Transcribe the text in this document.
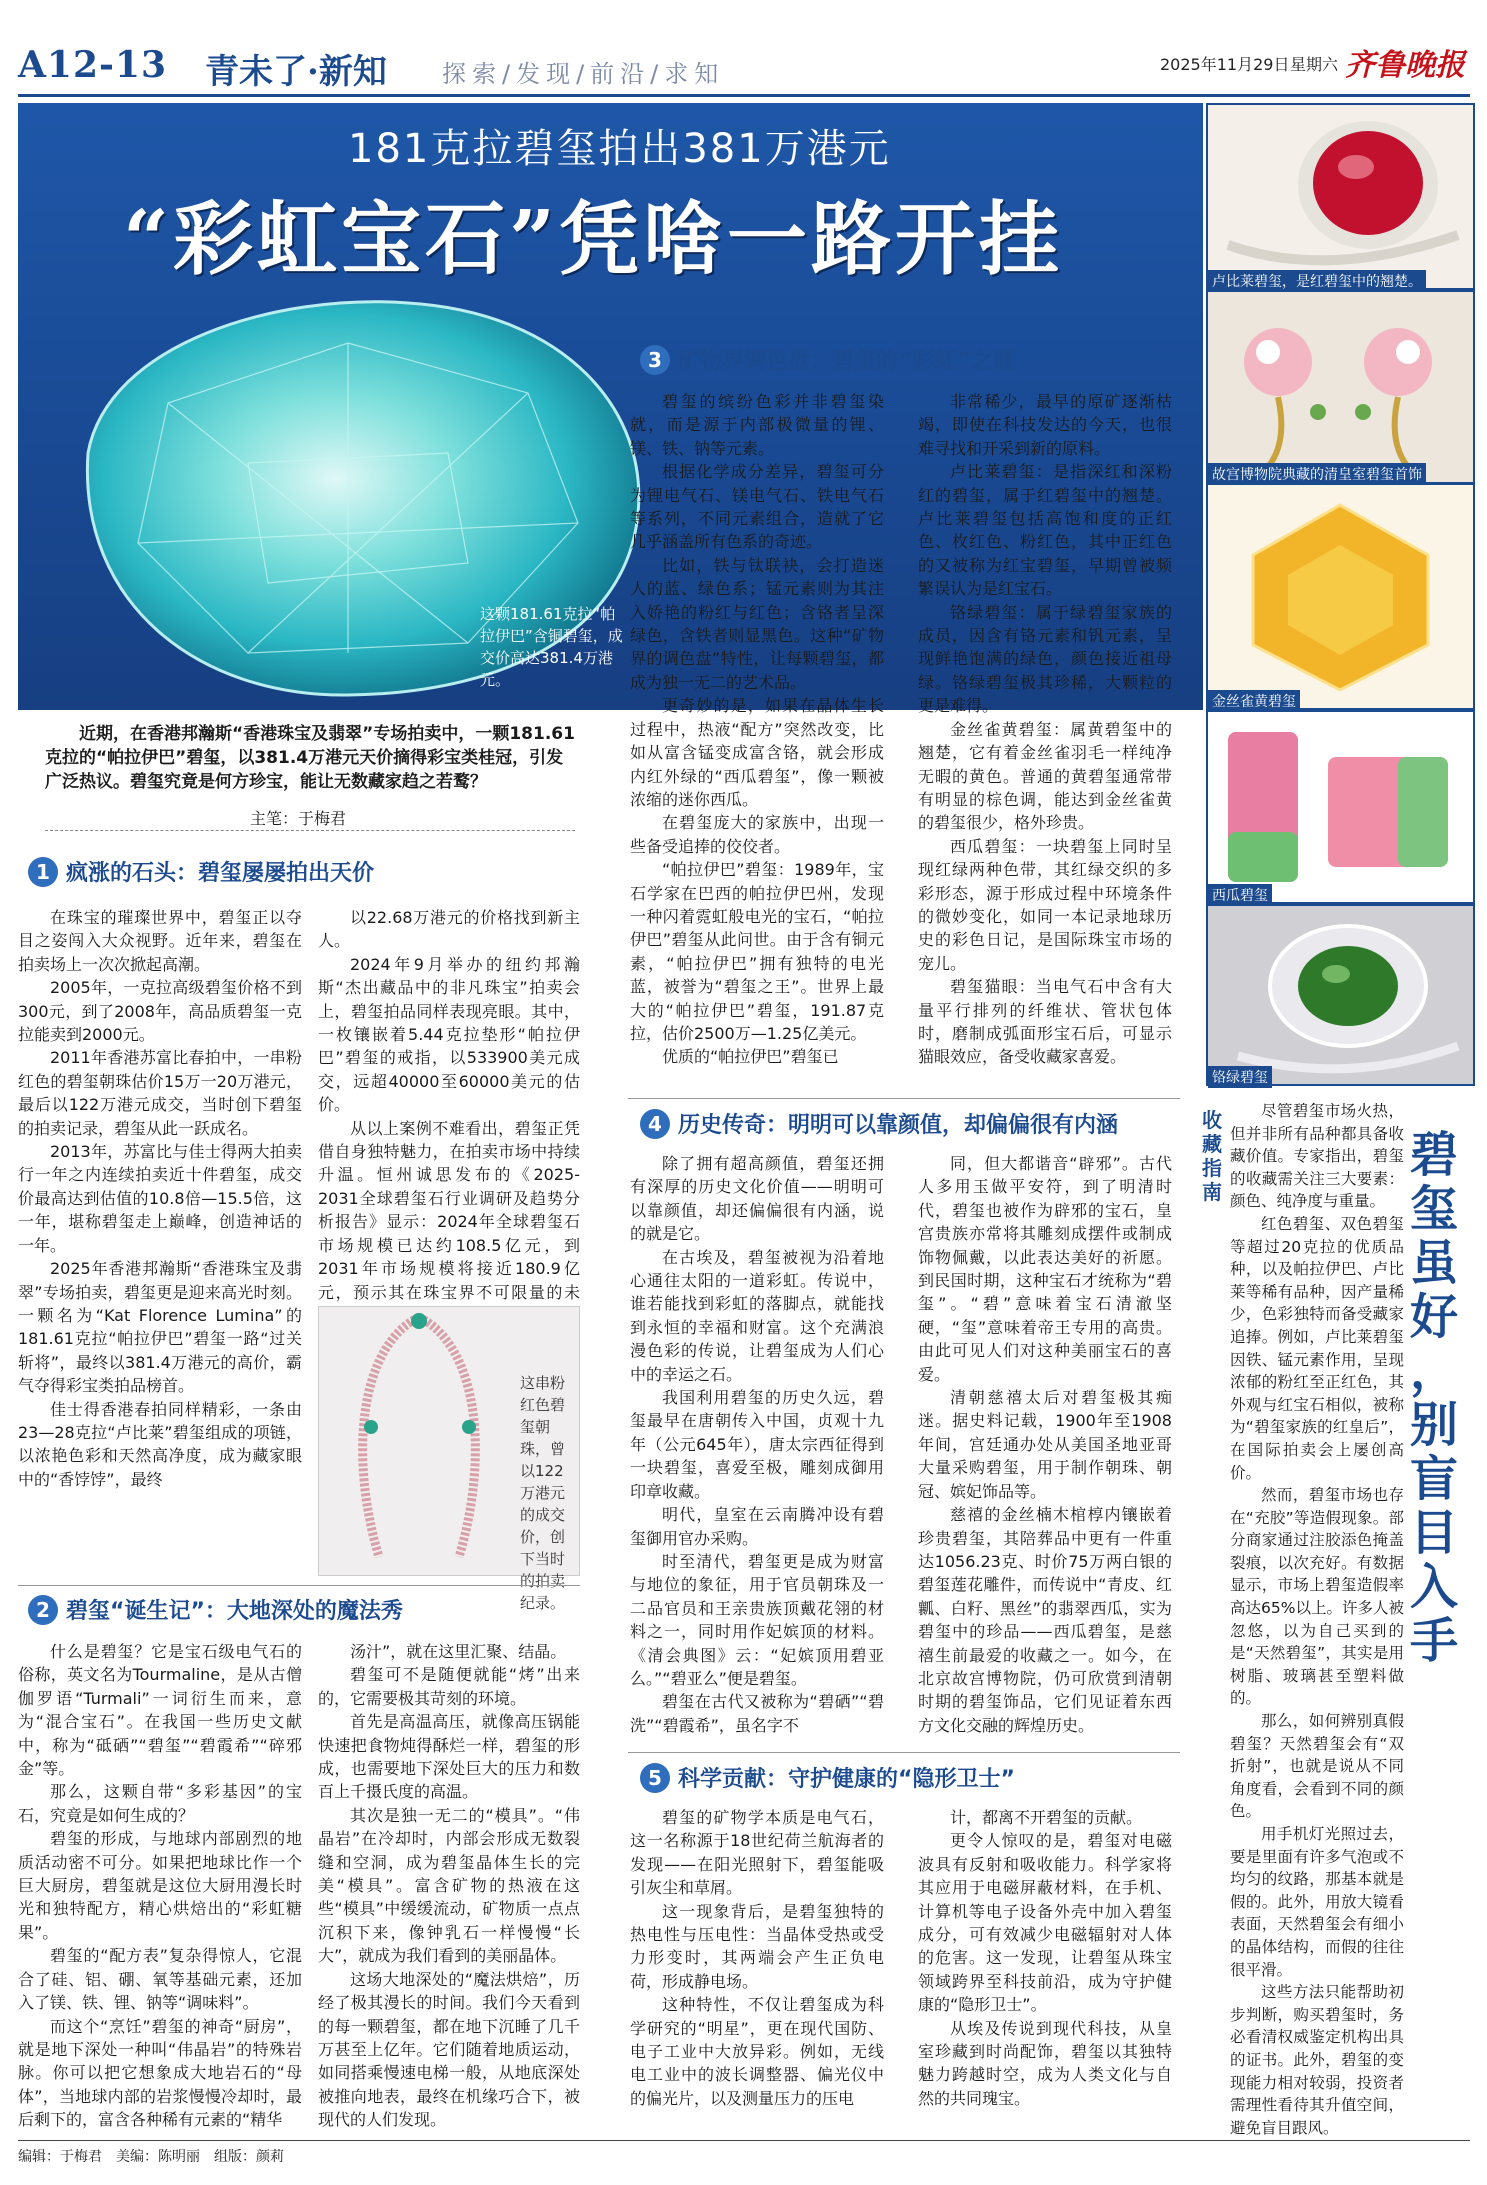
A12-13 青未了·新知 探索/发现/前沿/求知	2025年11月29日 星期六 齐鲁晚报
181克拉碧玺拍出381万港元
“彩虹宝石”凭啥一路开挂
这颗181.61克拉“帕拉伊巴”含铜碧玺，成交价高达381.4万港元。
卢比莱碧玺，是红碧玺中的翘楚。
故宫博物院典藏的清皇室碧玺首饰
金丝雀黄碧玺
西瓜碧玺
铬绿碧玺
近期，在香港邦瀚斯“香港珠宝及翡翠”专场拍卖中，一颗181.61克拉的“帕拉伊巴”碧玺，以381.4万港元天价摘得彩宝类桂冠，引发广泛热议。碧玺究竟是何方珍宝，能让无数藏家趋之若鹜？
主笔：于梅君
1 疯涨的石头：碧玺屡屡拍出天价

在珠宝的璀璨世界中，碧玺正以夺目之姿闯入大众视野。近年来，碧玺在拍卖场上一次次掀起高潮。

2005年，一克拉高级碧玺价格不到300元，到了2008年，高品质碧玺一克拉能卖到2000元。

2011年香港苏富比春拍中，一串粉红色的碧玺朝珠估价15万一20万港元，最后以122万港元成交，当时创下碧玺的拍卖记录，碧玺从此一跃成名。

2013年，苏富比与佳士得两大拍卖行一年之内连续拍卖近十件碧玺，成交价最高达到估值的10.8倍—15.5倍，这一年，堪称碧玺走上巅峰，创造神话的一年。

2025年香港邦瀚斯“香港珠宝及翡翠”专场拍卖，碧玺更是迎来高光时刻。一颗名为“Kat Florence Lumina”的181.61克拉“帕拉伊巴”碧玺一路“过关斩将”，最终以381.4万港元的高价，霸气夺得彩宝类拍品榜首。

佳士得香港春拍同样精彩，一条由23—28克拉“卢比莱”碧玺组成的项链，以浓艳色彩和天然高净度，成为藏家眼中的“香饽饽”，最终

以22.68万港元的价格找到新主人。

2024年9月举办的纽约邦瀚斯“杰出藏品中的非凡珠宝”拍卖会上，碧玺拍品同样表现亮眼。其中，一枚镶嵌着5.44克拉垫形“帕拉伊巴”碧玺的戒指，以533900美元成交，远超40000至60000美元的估价。

从以上案例不难看出，碧玺正凭借自身独特魅力，在拍卖市场中持续升温。恒州诚思发布的《2025-2031全球碧玺石行业调研及趋势分析报告》显示：2024年全球碧玺石市场规模已达约108.5亿元，到2031年市场规模将接近180.9亿元，预示其在珠宝界不可限量的未

这串粉红色碧玺朝珠，曾以122万港元的成交价，创下当时的拍卖纪录。
2 碧玺“诞生记”：大地深处的魔法秀

什么是碧玺？它是宝石级电气石的俗称，英文名为Tourmaline，是从古僧伽罗语“Turmali”一词衍生而来，意为“混合宝石”。在我国一些历史文献中，称为“砥硒”“碧玺”“碧霞希”“碎邪金”等。

那么，这颗自带“多彩基因”的宝石，究竟是如何生成的？

碧玺的形成，与地球内部剧烈的地质活动密不可分。如果把地球比作一个巨大厨房，碧玺就是这位大厨用漫长时光和独特配方，精心烘焙出的“彩虹糖果”。

碧玺的“配方表”复杂得惊人，它混合了硅、铝、硼、氧等基础元素，还加入了镁、铁、锂、钠等“调味料”。

而这个“烹饪”碧玺的神奇“厨房”，就是地下深处一种叫“伟晶岩”的特殊岩脉。你可以把它想象成大地岩石的“母体”，当地球内部的岩浆慢慢冷却时，最后剩下的，富含各种稀有元素的“精华

汤汁”，就在这里汇聚、结晶。

碧玺可不是随便就能“烤”出来的，它需要极其苛刻的环境。

首先是高温高压，就像高压锅能快速把食物炖得酥烂一样，碧玺的形成，也需要地下深处巨大的压力和数百上千摄氏度的高温。

其次是独一无二的“模具”。“伟晶岩”在冷却时，内部会形成无数裂缝和空洞，成为碧玺晶体生长的完美“模具”。富含矿物的热液在这些“模具”中缓缓流动，矿物质一点点沉积下来，像钟乳石一样慢慢“长大”，就成为我们看到的美丽晶体。

这场大地深处的“魔法烘焙”，历经了极其漫长的时间。我们今天看到的每一颗碧玺，都在地下沉睡了几千万甚至上亿年。它们随着地质运动，如同搭乘慢速电梯一般，从地底深处被推向地表，最终在机缘巧合下，被现代的人们发现。

3 矿物界调色盘：碧玺的“彩虹”之谜

碧玺的缤纷色彩并非碧玺染就，而是源于内部极微量的锂、镁、铁、钠等元素。

根据化学成分差异，碧玺可分为锂电气石、镁电气石、铁电气石等系列，不同元素组合，造就了它几乎涵盖所有色系的奇迹。

比如，铁与钛联袂，会打造迷人的蓝、绿色系；锰元素则为其注入娇艳的粉红与红色；含铬者呈深绿色，含铁者则显黑色。这种“矿物界的调色盘”特性，让每颗碧玺，都成为独一无二的艺术品。

更奇妙的是，如果在晶体生长过程中，热液“配方”突然改变，比如从富含锰变成富含铬，就会形成内红外绿的“西瓜碧玺”，像一颗被浓缩的迷你西瓜。

在碧玺庞大的家族中，出现一些备受追捧的佼佼者。

“帕拉伊巴”碧玺：1989年，宝石学家在巴西的帕拉伊巴州，发现一种闪着霓虹般电光的宝石，“帕拉伊巴”碧玺从此问世。由于含有铜元素，“帕拉伊巴”拥有独特的电光蓝，被誉为“碧玺之王”。世界上最大的“帕拉伊巴”碧玺，191.87克拉，估价2500万—1.25亿美元。

优质的“帕拉伊巴”碧玺已

非常稀少，最早的原矿逐渐枯竭，即使在科技发达的今天，也很难寻找和开采到新的原料。

卢比莱碧玺：是指深红和深粉红的碧玺，属于红碧玺中的翘楚。卢比莱碧玺包括高饱和度的正红色、枚红色、粉红色，其中正红色的又被称为红宝碧玺，早期曾被频繁误认为是红宝石。

铬绿碧玺：属于绿碧玺家族的成员，因含有铬元素和钒元素，呈现鲜艳饱满的绿色，颜色接近祖母绿。铬绿碧玺极其珍稀，大颗粒的更是难得。

金丝雀黄碧玺：属黄碧玺中的翘楚，它有着金丝雀羽毛一样纯净无暇的黄色。普通的黄碧玺通常带有明显的棕色调，能达到金丝雀黄的碧玺很少，格外珍贵。

西瓜碧玺：一块碧玺上同时呈现红绿两种色带，其红绿交织的多彩形态，源于形成过程中环境条件的微妙变化，如同一本记录地球历史的彩色日记，是国际珠宝市场的宠儿。

碧玺猫眼：当电气石中含有大量平行排列的纤维状、管状包体时，磨制成弧面形宝石后，可显示猫眼效应，备受收藏家喜爱。

4 历史传奇：明明可以靠颜值，却偏偏很有内涵

除了拥有超高颜值，碧玺还拥有深厚的历史文化价值——明明可以靠颜值，却还偏偏很有内涵，说的就是它。

在古埃及，碧玺被视为沿着地心通往太阳的一道彩虹。传说中，谁若能找到彩虹的落脚点，就能找到永恒的幸福和财富。这个充满浪漫色彩的传说，让碧玺成为人们心中的幸运之石。

我国利用碧玺的历史久远，碧玺最早在唐朝传入中国，贞观十九年（公元645年），唐太宗西征得到一块碧玺，喜爱至极，雕刻成御用印章收藏。

明代，皇室在云南腾冲设有碧玺御用官办采购。

时至清代，碧玺更是成为财富与地位的象征，用于官员朝珠及一二品官员和王亲贵族顶戴花翎的材料之一，同时用作妃嫔顶的材料。《清会典图》云：“妃嫔顶用碧亚么。”“碧亚么”便是碧玺。

碧玺在古代又被称为“碧硒”“碧洗”“碧霞希”，虽名字不

同，但大都谐音“辟邪”。古代人多用玉做平安符，到了明清时代，碧玺也被作为辟邪的宝石，皇宫贵族亦常将其雕刻成摆件或制成饰物佩戴，以此表达美好的祈愿。到民国时期，这种宝石才统称为“碧玺”。“碧”意味着宝石清澈坚硬，“玺”意味着帝王专用的高贵。由此可见人们对这种美丽宝石的喜爱。

清朝慈禧太后对碧玺极其痴迷。据史料记载，1900年至1908年间，宫廷通办处从美国圣地亚哥大量采购碧玺，用于制作朝珠、朝冠、嫔妃饰品等。

慈禧的金丝楠木棺椁内镶嵌着珍贵碧玺，其陪葬品中更有一件重达1056.23克、时价75万两白银的碧玺莲花雕件，而传说中“青皮、红瓤、白籽、黑丝”的翡翠西瓜，实为碧玺中的珍品——西瓜碧玺，是慈禧生前最爱的收藏之一。如今，在北京故宫博物院，仍可欣赏到清朝时期的碧玺饰品，它们见证着东西方文化交融的辉煌历史。

5 科学贡献：守护健康的“隐形卫士”

碧玺的矿物学本质是电气石，这一名称源于18世纪荷兰航海者的发现——在阳光照射下，碧玺能吸引灰尘和草屑。

这一现象背后，是碧玺独特的热电性与压电性：当晶体受热或受力形变时，其两端会产生正负电荷，形成静电场。

这种特性，不仅让碧玺成为科学研究的“明星”，更在现代国防、电子工业中大放异彩。例如，无线电工业中的波长调整器、偏光仪中的偏光片，以及测量压力的压电

计，都离不开碧玺的贡献。

更令人惊叹的是，碧玺对电磁波具有反射和吸收能力。科学家将其应用于电磁屏蔽材料，在手机、计算机等电子设备外壳中加入碧玺成分，可有效减少电磁辐射对人体的危害。这一发现，让碧玺从珠宝领域跨界至科技前沿，成为守护健康的“隐形卫士”。

从埃及传说到现代科技，从皇室珍藏到时尚配饰，碧玺以其独特魅力跨越时空，成为人类文化与自然的共同瑰宝。

收藏指南
碧
玺
虽
好
，
别
盲
目
入
手

尽管碧玺市场火热，但并非所有品种都具备收藏价值。专家指出，碧玺的收藏需关注三大要素：颜色、纯净度与重量。

红色碧玺、双色碧玺等超过20克拉的优质品种，以及帕拉伊巴、卢比莱等稀有品种，因产量稀少，色彩独特而备受藏家追捧。例如，卢比莱碧玺因铁、锰元素作用，呈现浓郁的粉红至正红色，其外观与红宝石相似，被称为“碧玺家族的红皇后”，在国际拍卖会上屡创高价。

然而，碧玺市场也存在“充胶”等造假现象。部分商家通过注胶添色掩盖裂痕，以次充好。有数据显示，市场上碧玺造假率高达65%以上。许多人被忽悠，以为自己买到的是“天然碧玺”，其实是用树脂、玻璃甚至塑料做的。

那么，如何辨别真假碧玺？天然碧玺会有“双折射”，也就是说从不同角度看，会看到不同的颜色。

用手机灯光照过去，要是里面有许多气泡或不均匀的纹路，那基本就是假的。此外，用放大镜看表面，天然碧玺会有细小的晶体结构，而假的往往很平滑。

这些方法只能帮助初步判断，购买碧玺时，务必看清权威鉴定机构出具的证书。此外，碧玺的变现能力相对较弱，投资者需理性看待其升值空间，避免盲目跟风。

编辑：于梅君　美编：陈明丽　组版：颜莉
